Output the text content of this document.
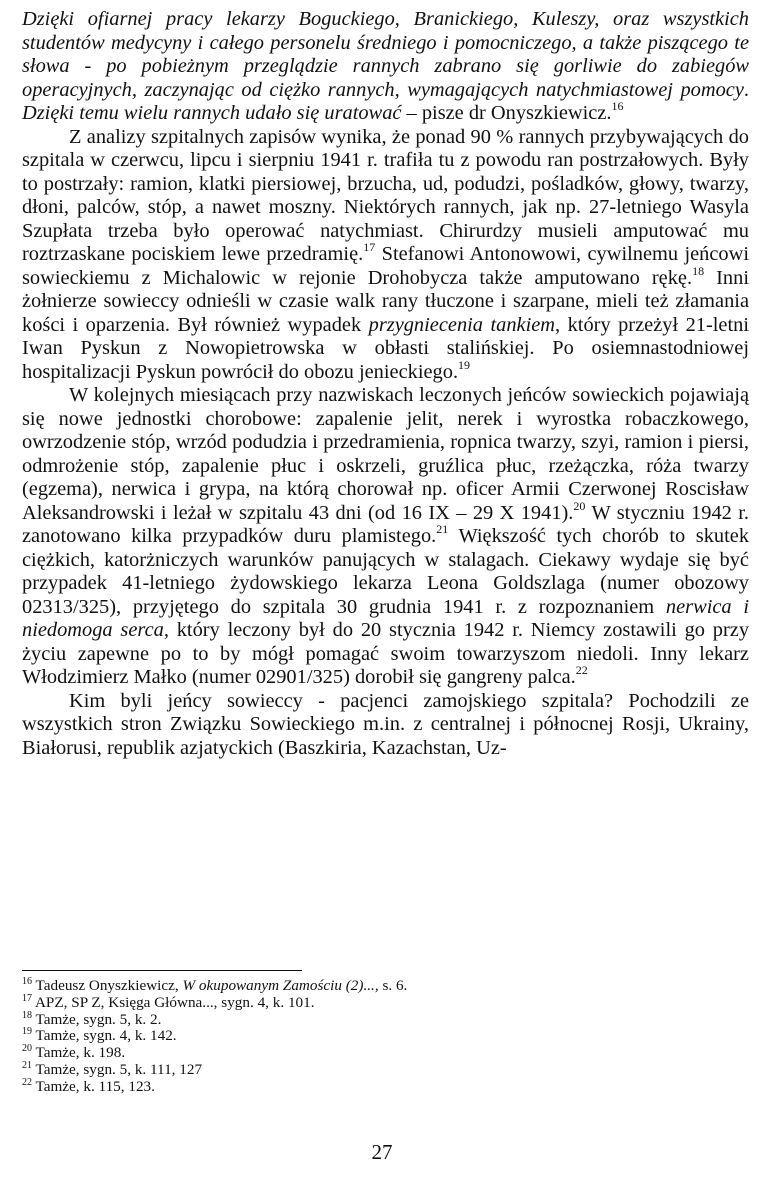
Dzięki ofiarnej pracy lekarzy Boguckiego, Branickiego, Kuleszy, oraz wszystkich studentów medycyny i całego personelu średniego i pomocniczego, a także piszącego te słowa - po pobieżnym przeglądzie rannych zabrano się gorliwie do zabiegów operacyjnych, zaczynając od ciężko rannych, wymagających natychmiastowej pomocy. Dzięki temu wielu rannych udało się uratować – pisze dr Onyszkiewicz.$^{16}$

Z analizy szpitalnych zapisów wynika, że ponad 90 % rannych przybywających do szpitala w czerwcu, lipcu i sierpniu 1941 r. trafiła tu z powodu ran postrzałowych. Były to postrzały: ramion, klatki piersiowej, brzucha, ud, podudzi, pośladków, głowy, twarzy, dłoni, palców, stóp, a nawet moszny. Niektórych rannych, jak np. 27-letniego Wasyla Szupłata trzeba było operować natychmiast. Chirurdzy musieli amputować mu roztrzaskane pociskiem lewe przedramię.$^{17}$ Stefanowi Antonowowi, cywilnemu jeńcowi sowieckiemu z Michalowic w rejonie Drohobycza także amputowano rękę.$^{18}$ Inni żołnierze sowieccy odnieśli w czasie walk rany tłuczone i szarpane, mieli też złamania kości i oparzenia. Był również wypadek przygniecenia tankiem, który przeżył 21-letni Iwan Pyskun z Nowopietrowska w obłasti stalińskiej. Po osiemnastodniowej hospitalizacji Pyskun powrócił do obozu jenieckiego.$^{19}$

W kolejnych miesiącach przy nazwiskach leczonych jeńców sowieckich pojawiają się nowe jednostki chorobowe: zapalenie jelit, nerek i wyrostka robaczkowego, owrzodzenie stóp, wrzód podudzia i przedramienia, ropnica twarzy, szyi, ramion i piersi, odmrożenie stóp, zapalenie płuc i oskrzeli, gruźlica płuc, rzeżączka, róża twarzy (egzema), nerwica i grypa, na którą chorował np. oficer Armii Czerwonej Roscisław Aleksandrowski i leżał w szpitalu 43 dni (od 16 IX – 29 X 1941).$^{20}$ W styczniu 1942 r. zanotowano kilka przypadków duru plamistego.$^{21}$ Większość tych chorób to skutek ciężkich, katorżniczych warunków panujących w stalagach. Ciekawy wydaje się być przypadek 41-letniego żydowskiego lekarza Leona Goldszlaga (numer obozowy 02313/325), przyjętego do szpitala 30 grudnia 1941 r. z rozpoznaniem nerwica i niedomoga serca, który leczony był do 20 stycznia 1942 r. Niemcy zostawili go przy życiu zapewne po to by mógł pomagać swoim towarzyszom niedoli. Inny lekarz Włodzimierz Małko (numer 02901/325) dorobił się gangreny palca.$^{22}$

Kim byli jeńcy sowieccy - pacjenci zamojskiego szpitala? Pochodzili ze wszystkich stron Związku Sowieckiego m.in. z centralnej i północnej Rosji, Ukrainy, Białorusi, republik azjatyckich (Baszkiria, Kazachstan, Uz-

$^{16}$ Tadeusz Onyszkiewicz, W okupowanym Zamościu (2)..., s. 6.
$^{17}$ APZ, SP Z, Księga Główna..., sygn. 4, k. 101.
$^{18}$ Tamże, sygn. 5, k. 2.
$^{19}$ Tamże, sygn. 4, k. 142.
$^{20}$ Tamże, k. 198.
$^{21}$ Tamże, sygn. 5, k. 111, 127
$^{22}$ Tamże, k. 115, 123.
27
